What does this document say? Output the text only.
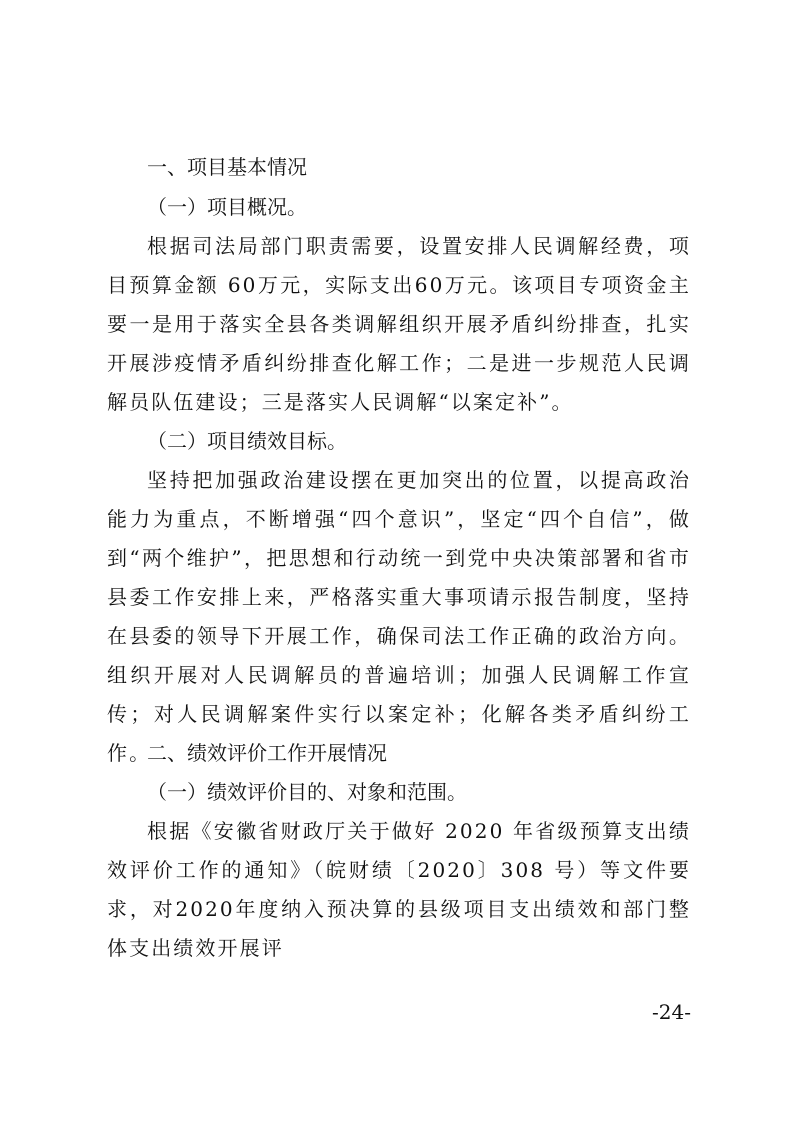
一、项目基本情况
（一）项目概况。
根据司法局部门职责需要，设置安排人民调解经费，项目预算金额 60万元，实际支出60万元。该项目专项资金主要一是用于落实全县各类调解组织开展矛盾纠纷排查，扎实开展涉疫情矛盾纠纷排查化解工作；二是进一步规范人民调解员队伍建设；三是落实人民调解“以案定补”。
（二）项目绩效目标。
坚持把加强政治建设摆在更加突出的位置，以提高政治能力为重点，不断增强“四个意识”，坚定“四个自信”，做到“两个维护”，把思想和行动统一到党中央决策部署和省市县委工作安排上来，严格落实重大事项请示报告制度，坚持在县委的领导下开展工作，确保司法工作正确的政治方向。组织开展对人民调解员的普遍培训；加强人民调解工作宣传；对人民调解案件实行以案定补；化解各类矛盾纠纷工作。
二、绩效评价工作开展情况
（一）绩效评价目的、对象和范围。
根据《安徽省财政厅关于做好 2020 年省级预算支出绩效评价工作的通知》（皖财绩〔2020〕308 号）等文件要求，对2020年度纳入预决算的县级项目支出绩效和部门整体支出绩效开展评
-24-
